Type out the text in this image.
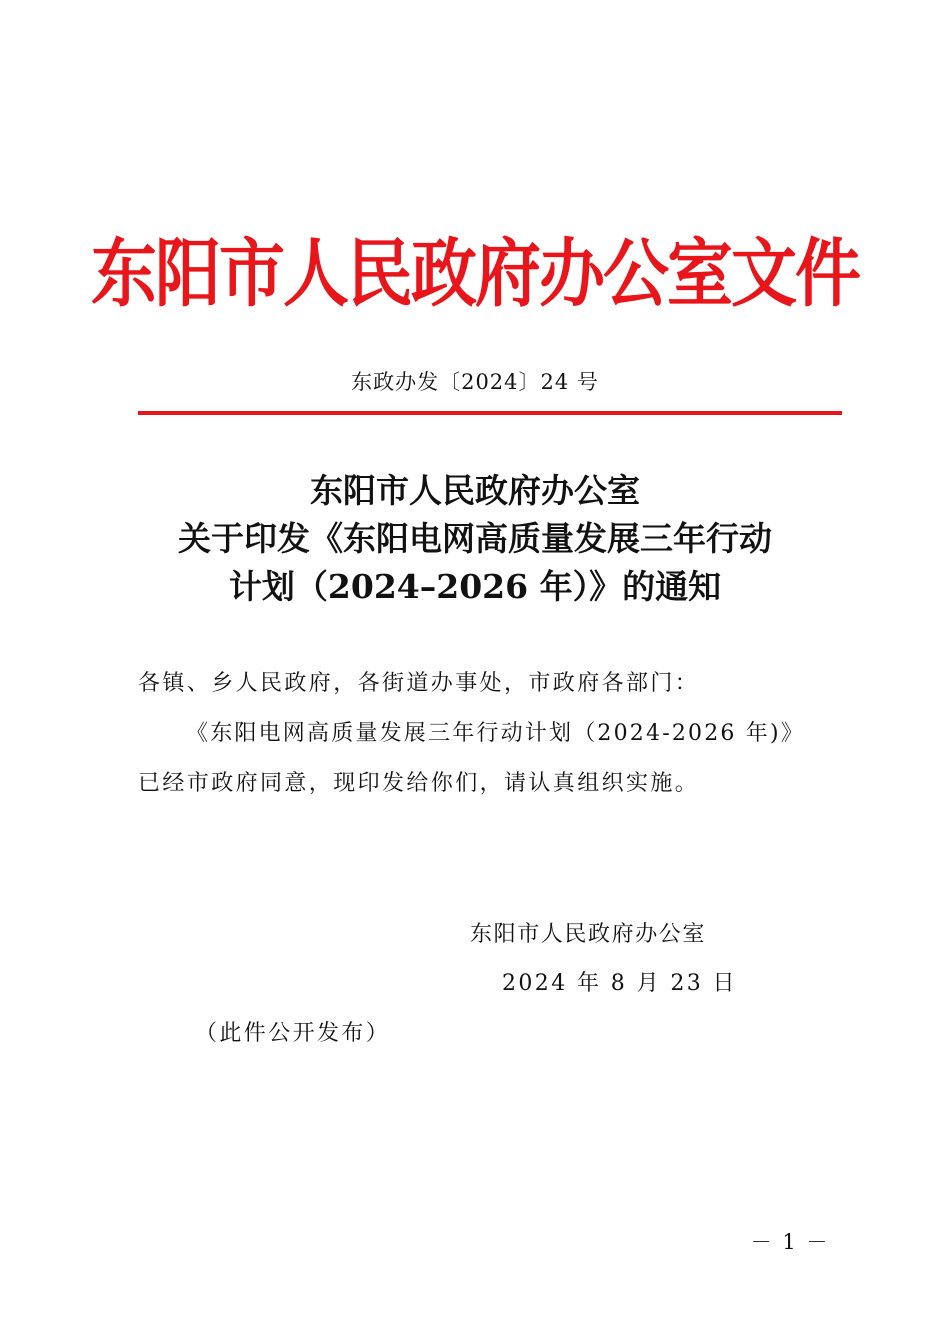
东阳市人民政府办公室文件
东政办发〔2024〕24 号
东阳市人民政府办公室
关于印发《东阳电网高质量发展三年行动
计划（2024–2026 年）》的通知
各镇、乡人民政府，各街道办事处，市政府各部门：
《东阳电网高质量发展三年行动计划（2024-2026 年)》
已经市政府同意，现印发给你们，请认真组织实施。
东阳市人民政府办公室
2024 年 8 月 23 日
（此件公开发布）
－ 1 －
